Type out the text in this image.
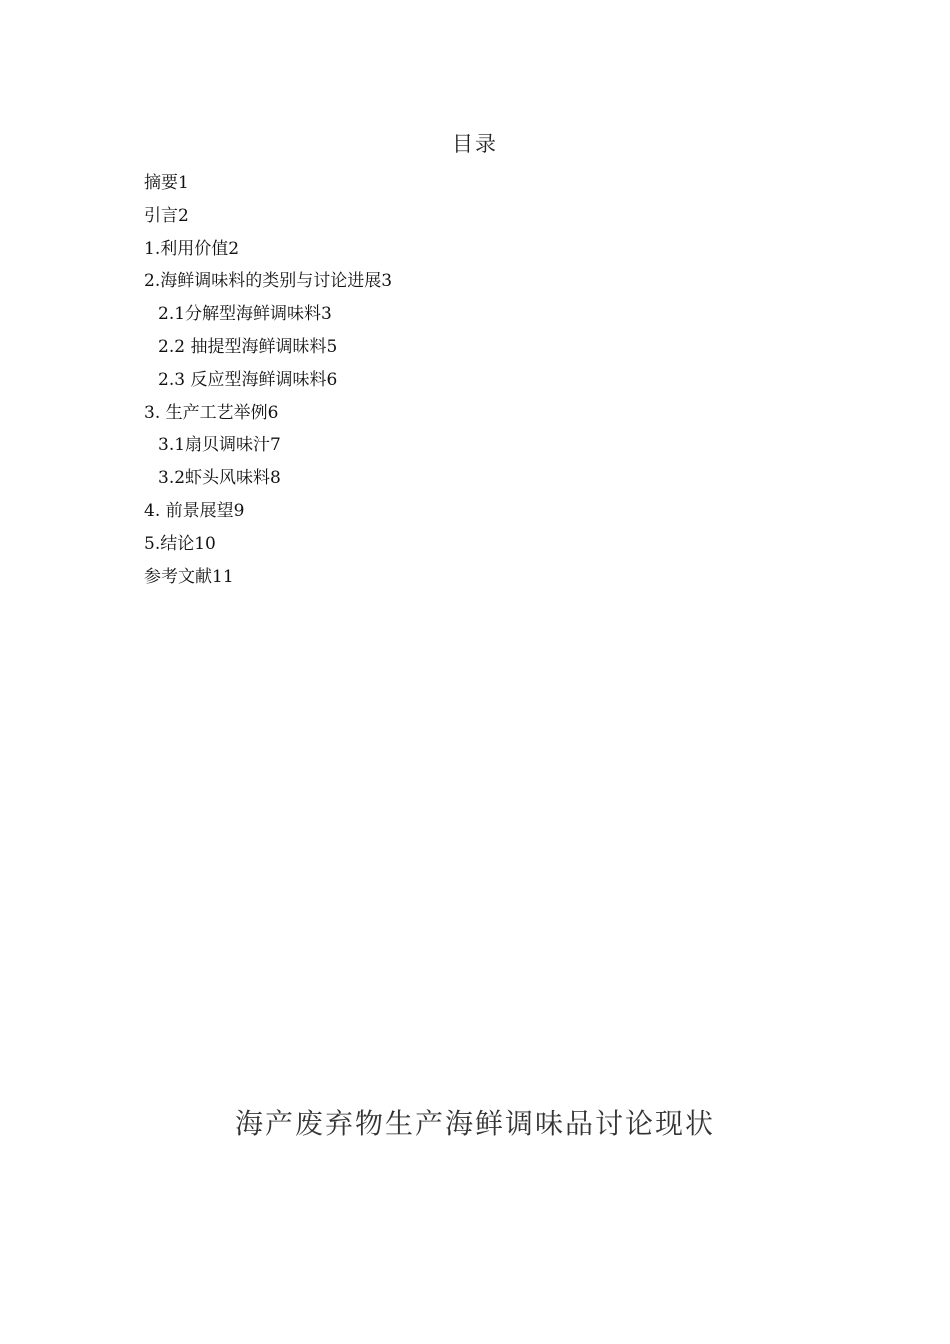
目录
摘要1
引言2
1.利用价值2
2.海鲜调味料的类别与讨论进展3
2.1分解型海鲜调味料3
2.2 抽提型海鲜调昧料5
2.3 反应型海鲜调味料6
3. 生产工艺举例6
3.1扇贝调味汁7
3.2虾头风味料8
4. 前景展望9
5.结论10
参考文献11
海产废弃物生产海鲜调味品讨论现状
